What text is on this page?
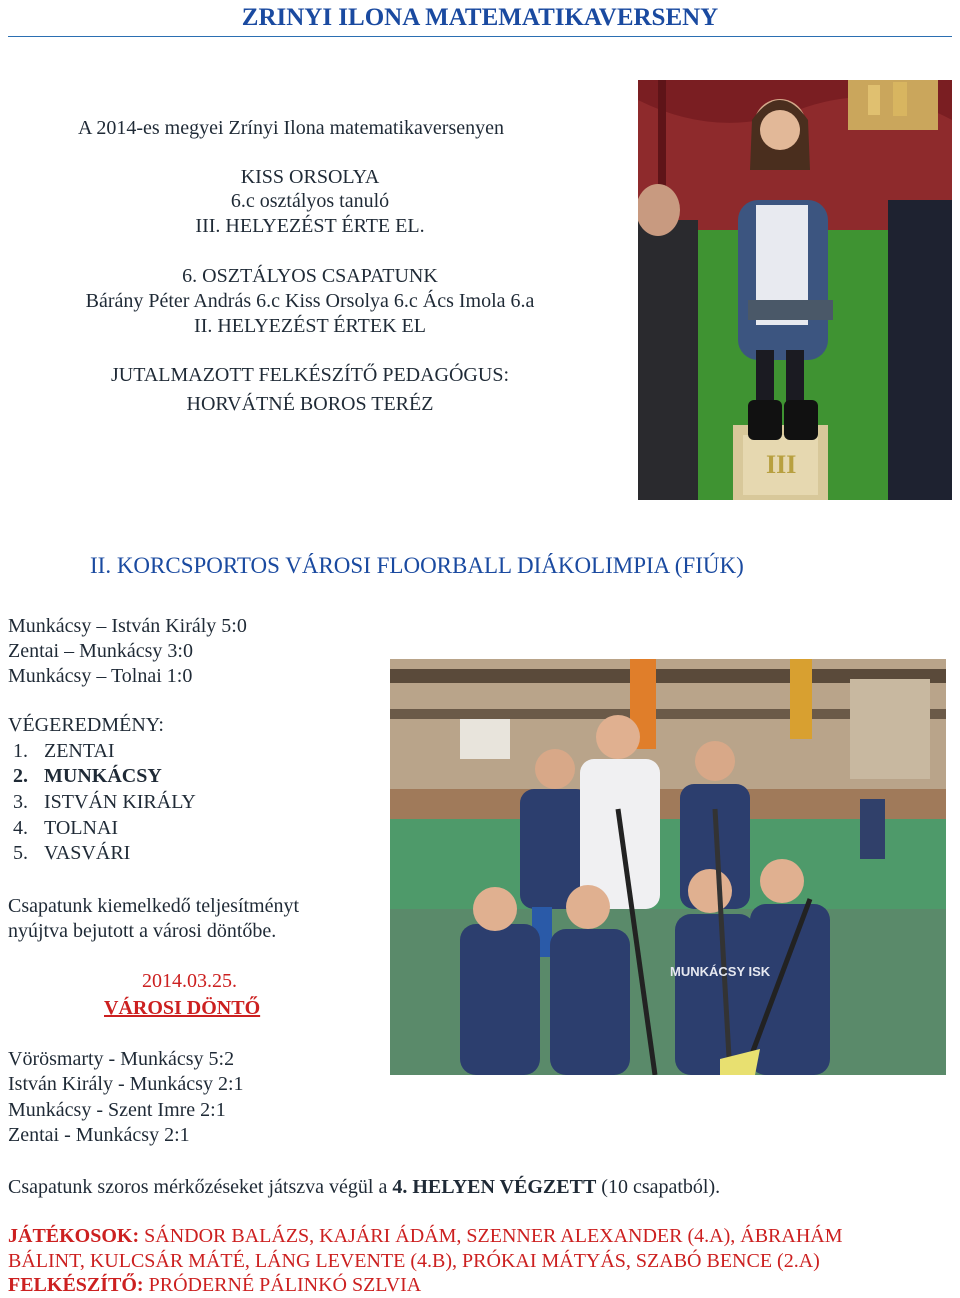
ZRINYI ILONA MATEMATIKAVERSENY
A 2014-es megyei Zrínyi Ilona matematikaversenyen
KISS ORSOLYA
6.c osztályos tanuló
III. HELYEZÉST ÉRTE EL.
6. OSZTÁLYOS CSAPATUNK
Bárány Péter András 6.c Kiss Orsolya 6.c Ács Imola 6.a
II. HELYEZÉST ÉRTEK EL
JUTALMAZOTT FELKÉSZÍTŐ PEDAGÓGUS:
HORVÁTNÉ BOROS TERÉZ
III
II. KORCSPORTOS VÁROSI FLOORBALL DIÁKOLIMPIA (FIÚK)
Munkácsy – István Király 5:0
Zentai – Munkácsy 3:0
Munkácsy – Tolnai 1:0
VÉGEREDMÉNY:
1. ZENTAI
2. MUNKÁCSY
3. ISTVÁN KIRÁLY
4. TOLNAI
5. VASVÁRI
Csapatunk kiemelkedő teljesítményt
nyújtva bejutott a városi döntőbe.
2014.03.25.
VÁROSI DÖNTŐ
Vörösmarty - Munkácsy 5:2
István Király - Munkácsy 2:1
Munkácsy - Szent Imre 2:1
Zentai - Munkácsy 2:1
MUNKÁCSY ISK
Csapatunk szoros mérkőzéseket játszva végül a 4. HELYEN VÉGZETT (10 csapatból).
JÁTÉKOSOK: SÁNDOR BALÁZS, KAJÁRI ÁDÁM, SZENNER ALEXANDER (4.A), ÁBRAHÁM
BÁLINT, KULCSÁR MÁTÉ, LÁNG LEVENTE (4.B), PRÓKAI MÁTYÁS, SZABÓ BENCE (2.A)
FELKÉSZÍTŐ: PRÓDERNÉ PÁLINKÓ SZLVIA
